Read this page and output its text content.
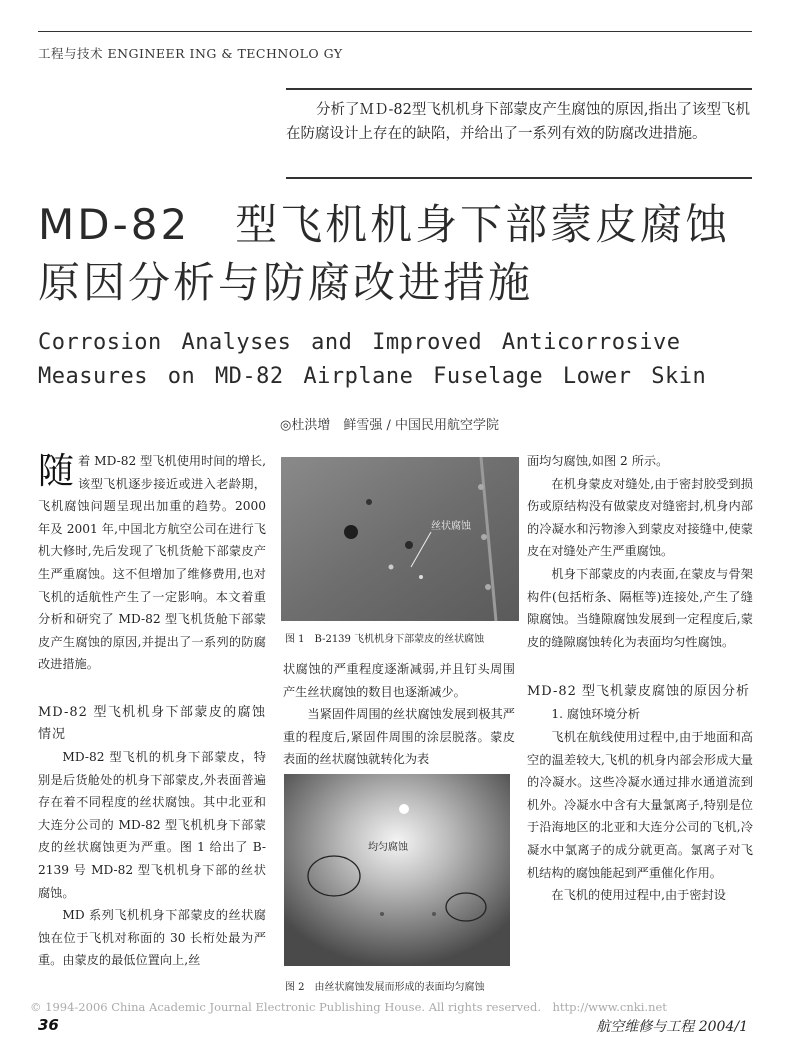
工程与技术 ENGINEER ING & TECHNOLO GY
分析了ＭＤ-82型飞机机身下部蒙皮产生腐蚀的原因,指出了该型飞机在防腐设计上存在的缺陷，并给出了一系列有效的防腐改进措施。
MD-82　型飞机机身下部蒙皮腐蚀原因分析与防腐改进措施
Corrosion Analyses and Improved Anticorrosive Measures on MD-82 Airplane Fuselage Lower Skin
◎杜洪增　鲜雪强 / 中国民用航空学院

随着 MD-82 型飞机使用时间的增长,该型飞机逐步接近或进入老龄期，飞机腐蚀问题呈现出加重的趋势。2000 年及 2001 年,中国北方航空公司在进行飞机大修时,先后发现了飞机货舱下部蒙皮产生严重腐蚀。这不但增加了维修费用,也对飞机的适航性产生了一定影响。本文着重分析和研究了 MD-82 型飞机货舱下部蒙皮产生腐蚀的原因,并提出了一系列的防腐改进措施。

MD-82 型飞机机身下部蒙皮的腐蚀情况

MD-82 型飞机的机身下部蒙皮，特别是后货舱处的机身下部蒙皮,外表面普遍存在着不同程度的丝状腐蚀。其中北亚和大连分公司的 MD-82 型飞机机身下部蒙皮的丝状腐蚀更为严重。图 1 给出了 B-2139 号 MD-82 型飞机机身下部的丝状腐蚀。

MD 系列飞机机身下部蒙皮的丝状腐蚀在位于飞机对称面的 30 长桁处最为严重。由蒙皮的最低位置向上,丝

丝状腐蚀
图 1　B-2139 飞机机身下部蒙皮的丝状腐蚀

状腐蚀的严重程度逐渐减弱,并且钉头周围产生丝状腐蚀的数目也逐渐减少。

当紧固件周围的丝状腐蚀发展到极其严重的程度后,紧固件周围的涂层脱落。蒙皮表面的丝状腐蚀就转化为表

均匀腐蚀
图 2　由丝状腐蚀发展而形成的表面均匀腐蚀

面均匀腐蚀,如图 2 所示。

在机身蒙皮对缝处,由于密封胶受到损伤或原结构没有做蒙皮对缝密封,机身内部的冷凝水和污物渗入到蒙皮对接缝中,使蒙皮在对缝处产生严重腐蚀。

机身下部蒙皮的内表面,在蒙皮与骨架构件(包括桁条、隔框等)连接处,产生了缝隙腐蚀。当缝隙腐蚀发展到一定程度后,蒙皮的缝隙腐蚀转化为表面均匀性腐蚀。

MD-82 型飞机蒙皮腐蚀的原因分析

1. 腐蚀环境分析

飞机在航线使用过程中,由于地面和高空的温差较大,飞机的机身内部会形成大量的冷凝水。这些冷凝水通过排水通道流到机外。冷凝水中含有大量氯离子,特别是位于沿海地区的北亚和大连分公司的飞机,冷凝水中氯离子的成分就更高。氯离子对飞机结构的腐蚀能起到严重催化作用。

在飞机的使用过程中,由于密封设

© 1994-2006 China Academic Journal Electronic Publishing House. All rights reserved.　http://www.cnki.net
36	航空维修与工程 2004/1
